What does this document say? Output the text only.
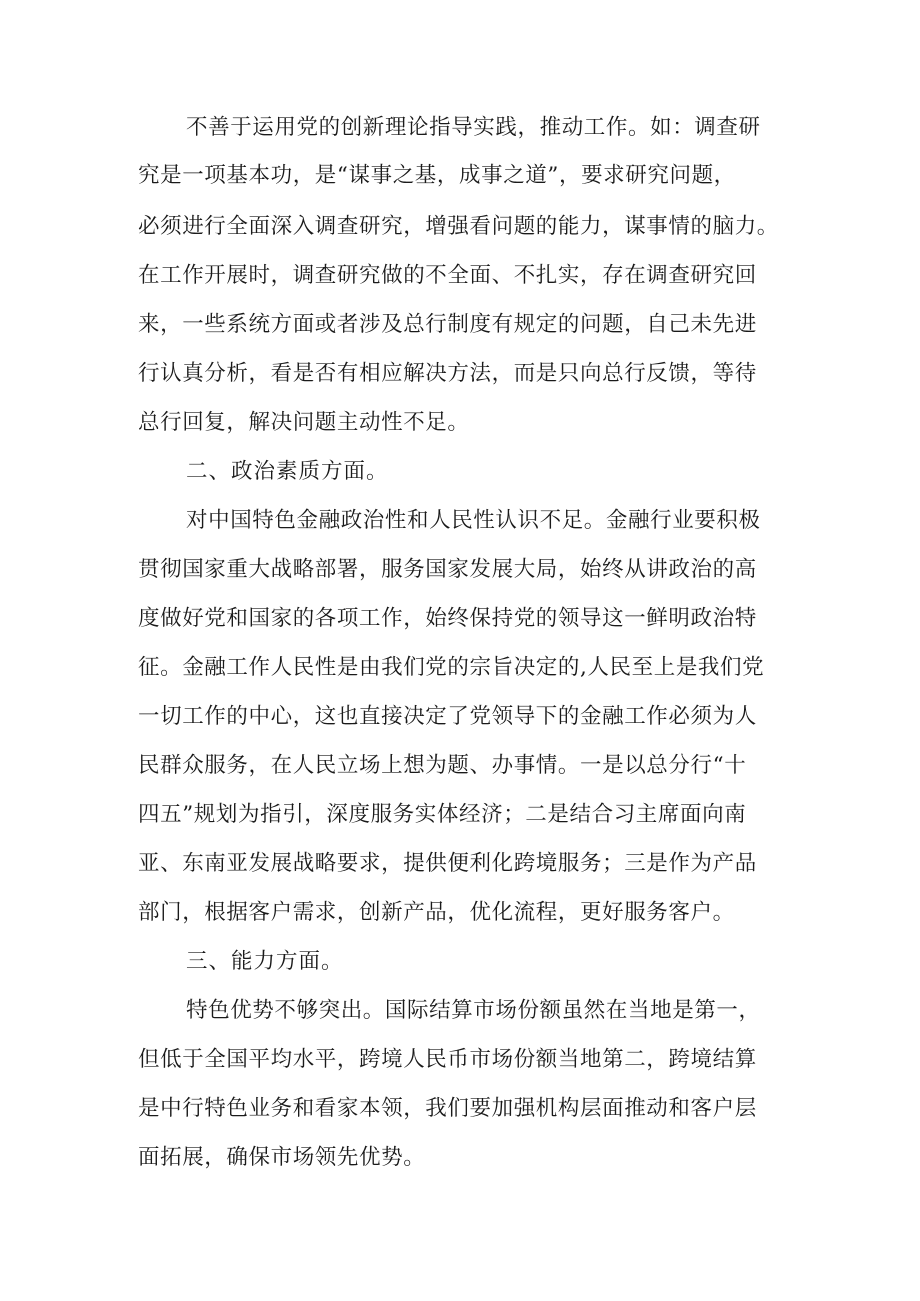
不善于运用党的创新理论指导实践，推动工作。如：调查研

究是一项基本功，是“谋事之基，成事之道”，要求研究问题，

必须进行全面深入调查研究，增强看问题的能力，谋事情的脑力。

在工作开展时，调查研究做的不全面、不扎实，存在调查研究回

来，一些系统方面或者涉及总行制度有规定的问题，自己未先进

行认真分析，看是否有相应解决方法，而是只向总行反馈，等待

总行回复，解决问题主动性不足。

二、政治素质方面。

对中国特色金融政治性和人民性认识不足。金融行业要积极

贯彻国家重大战略部署，服务国家发展大局，始终从讲政治的高

度做好党和国家的各项工作，始终保持党的领导这一鲜明政治特

征。金融工作人民性是由我们党的宗旨决定的,人民至上是我们党

一切工作的中心，这也直接决定了党领导下的金融工作必须为人

民群众服务，在人民立场上想为题、办事情。一是以总分行“十

四五”规划为指引，深度服务实体经济；二是结合习主席面向南

亚、东南亚发展战略要求，提供便利化跨境服务；三是作为产品

部门，根据客户需求，创新产品，优化流程，更好服务客户。

三、能力方面。

特色优势不够突出。国际结算市场份额虽然在当地是第一，

但低于全国平均水平，跨境人民币市场份额当地第二，跨境结算

是中行特色业务和看家本领，我们要加强机构层面推动和客户层

面拓展，确保市场领先优势。
